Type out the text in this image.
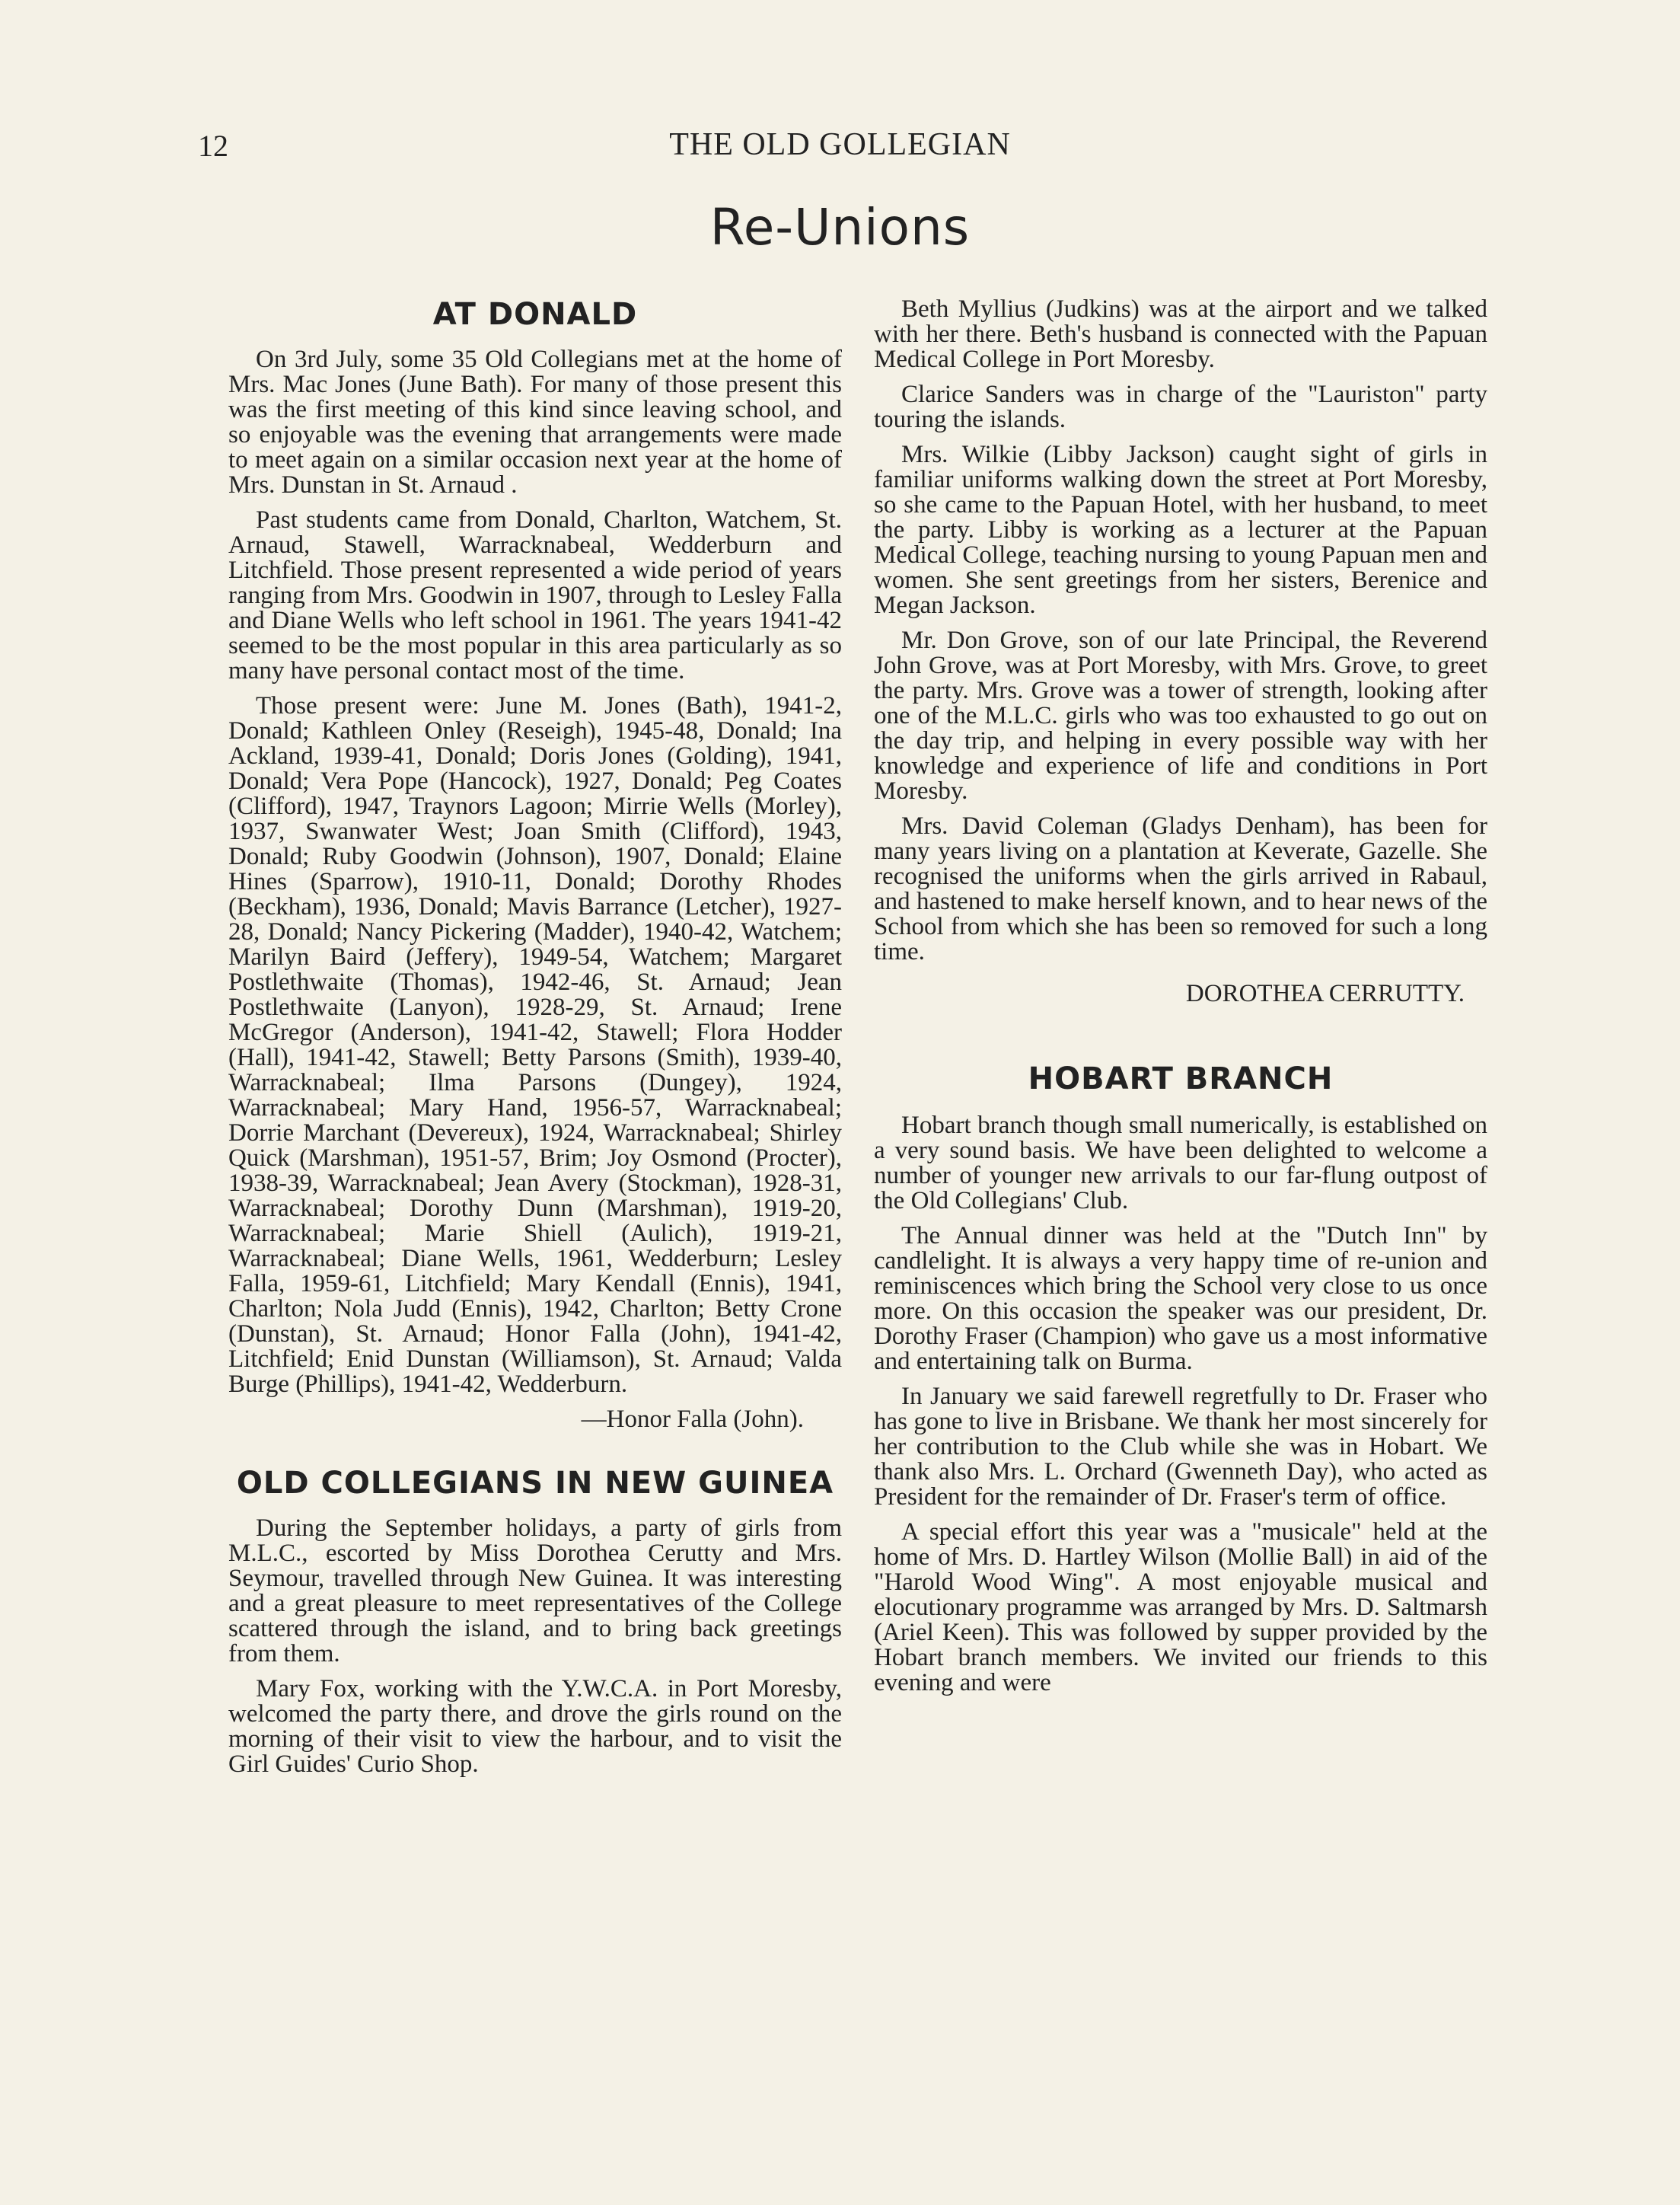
12	THE OLD GOLLEGIAN
Re-Unions
AT DONALD

On 3rd July, some 35 Old Collegians met at the home of Mrs. Mac Jones (June Bath). For many of those present this was the first meeting of this kind since leaving school, and so enjoyable was the evening that arrangements were made to meet again on a similar occasion next year at the home of Mrs. Dunstan in St. Arnaud .

Past students came from Donald, Charlton, Watchem, St. Arnaud, Stawell, Warracknabeal, Wedderburn and Litchfield. Those present represented a wide period of years ranging from Mrs. Goodwin in 1907, through to Lesley Falla and Diane Wells who left school in 1961. The years 1941-42 seemed to be the most popular in this area particularly as so many have personal contact most of the time.

Those present were: June M. Jones (Bath), 1941-2, Donald; Kathleen Onley (Reseigh), 1945-48, Donald; Ina Ackland, 1939-41, Donald; Doris Jones (Golding), 1941, Donald; Vera Pope (Hancock), 1927, Donald; Peg Coates (Clifford), 1947, Traynors Lagoon; Mirrie Wells (Morley), 1937, Swanwater West; Joan Smith (Clifford), 1943, Donald; Ruby Goodwin (Johnson), 1907, Donald; Elaine Hines (Sparrow), 1910-11, Donald; Dorothy Rhodes (Beckham), 1936, Donald; Mavis Barrance (Letcher), 1927-28, Donald; Nancy Pickering (Madder), 1940-42, Watchem; Marilyn Baird (Jeffery), 1949-54, Watchem; Margaret Postlethwaite (Thomas), 1942-46, St. Arnaud; Jean Postlethwaite (Lanyon), 1928-29, St. Arnaud; Irene McGregor (Anderson), 1941-42, Stawell; Flora Hodder (Hall), 1941-42, Stawell; Betty Parsons (Smith), 1939-40, Warracknabeal; Ilma Parsons (Dungey), 1924, Warracknabeal; Mary Hand, 1956-57, Warracknabeal; Dorrie Marchant (Devereux), 1924, Warracknabeal; Shirley Quick (Marshman), 1951-57, Brim; Joy Osmond (Procter), 1938-39, Warracknabeal; Jean Avery (Stockman), 1928-31, Warracknabeal; Dorothy Dunn (Marshman), 1919-20, Warracknabeal; Marie Shiell (Aulich), 1919-21, Warracknabeal; Diane Wells, 1961, Wedderburn; Lesley Falla, 1959-61, Litchfield; Mary Kendall (Ennis), 1941, Charlton; Nola Judd (Ennis), 1942, Charlton; Betty Crone (Dunstan), St. Arnaud; Honor Falla (John), 1941-42, Litchfield; Enid Dunstan (Williamson), St. Arnaud; Valda Burge (Phillips), 1941-42, Wedderburn.

—Honor Falla (John).

OLD COLLEGIANS IN NEW GUINEA

During the September holidays, a party of girls from M.L.C., escorted by Miss Dorothea Cerutty and Mrs. Seymour, travelled through New Guinea. It was interesting and a great pleasure to meet representatives of the College scattered through the island, and to bring back greetings from them.

Mary Fox, working with the Y.W.C.A. in Port Moresby, welcomed the party there, and drove the girls round on the morning of their visit to view the harbour, and to visit the Girl Guides' Curio Shop.

Beth Myllius (Judkins) was at the airport and we talked with her there. Beth's husband is connected with the Papuan Medical College in Port Moresby.

Clarice Sanders was in charge of the "Lauriston" party touring the islands.

Mrs. Wilkie (Libby Jackson) caught sight of girls in familiar uniforms walking down the street at Port Moresby, so she came to the Papuan Hotel, with her husband, to meet the party. Libby is working as a lecturer at the Papuan Medical College, teaching nursing to young Papuan men and women. She sent greetings from her sisters, Berenice and Megan Jackson.

Mr. Don Grove, son of our late Principal, the Reverend John Grove, was at Port Moresby, with Mrs. Grove, to greet the party. Mrs. Grove was a tower of strength, looking after one of the M.L.C. girls who was too exhausted to go out on the day trip, and helping in every possible way with her knowledge and experience of life and conditions in Port Moresby.

Mrs. David Coleman (Gladys Denham), has been for many years living on a plantation at Keverate, Gazelle. She recognised the uniforms when the girls arrived in Rabaul, and hastened to make herself known, and to hear news of the School from which she has been so removed for such a long time.

DOROTHEA CERRUTTY.

HOBART BRANCH

Hobart branch though small numerically, is established on a very sound basis. We have been delighted to welcome a number of younger new arrivals to our far-flung outpost of the Old Collegians' Club.

The Annual dinner was held at the "Dutch Inn" by candlelight. It is always a very happy time of re-union and reminiscences which bring the School very close to us once more. On this occasion the speaker was our president, Dr. Dorothy Fraser (Champion) who gave us a most informative and entertaining talk on Burma.

In January we said farewell regretfully to Dr. Fraser who has gone to live in Brisbane. We thank her most sincerely for her contribution to the Club while she was in Hobart. We thank also Mrs. L. Orchard (Gwenneth Day), who acted as President for the remainder of Dr. Fraser's term of office.

A special effort this year was a "musicale" held at the home of Mrs. D. Hartley Wilson (Mollie Ball) in aid of the "Harold Wood Wing". A most enjoyable musical and elocutionary programme was arranged by Mrs. D. Saltmarsh (Ariel Keen). This was followed by supper provided by the Hobart branch members. We invited our friends to this evening and were
